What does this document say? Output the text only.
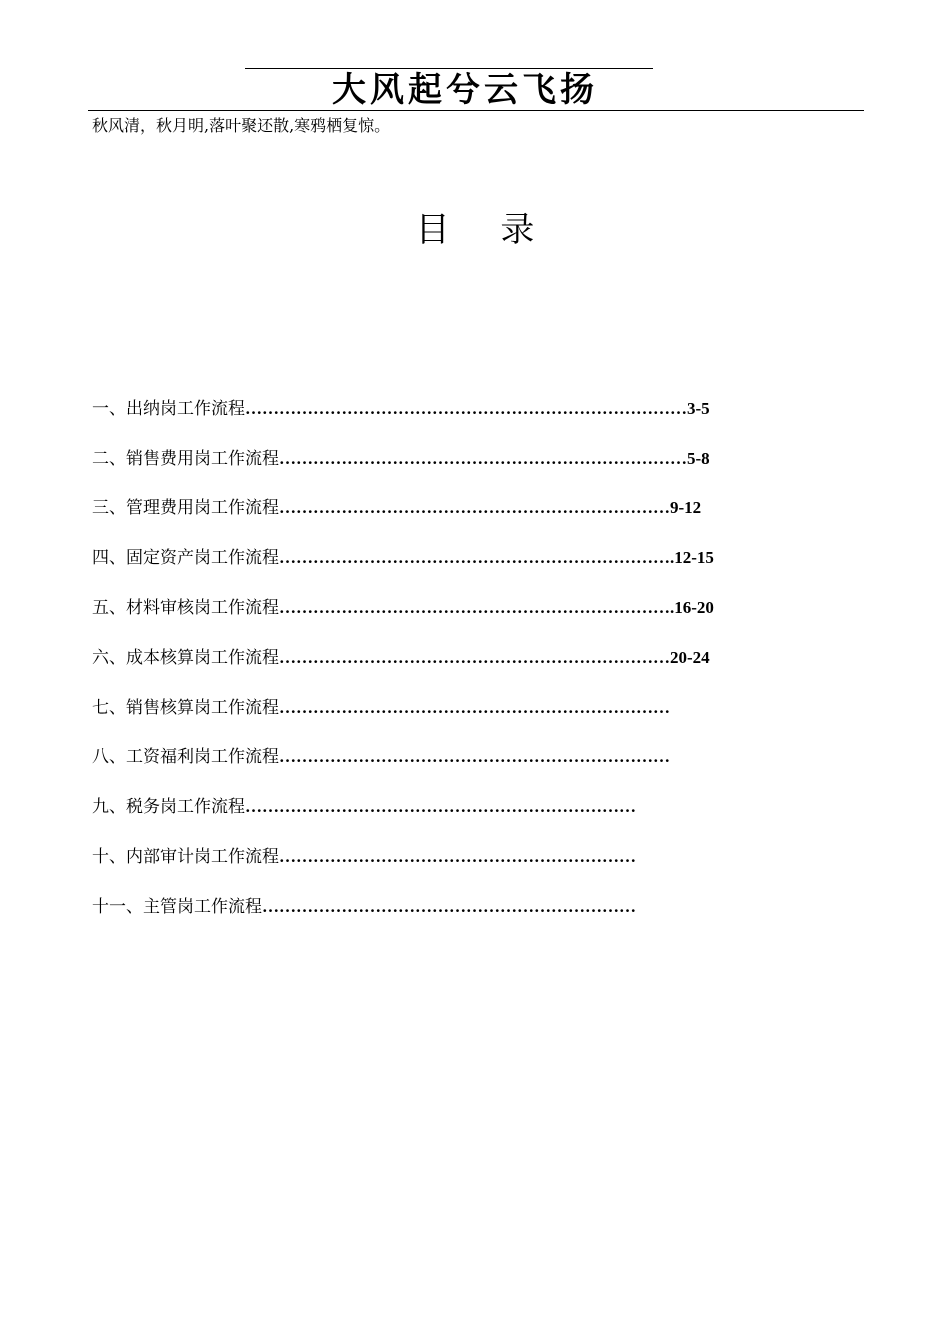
大风起兮云飞扬
秋风清，秋月明,落叶聚还散,寒鸦栖复惊。
目 录
一、出纳岗工作流程 …………………………………………………………………… 3-5
二、销售费用岗工作流程 ……………………………………………………………… 5-8
三、管理费用岗工作流程 …………………………………………………………… 9-12
四、固定资产岗工作流程 ……………………………………………………………. 12-15
五、材料审核岗工作流程 ……………………………………………………………. 16-20
六、成本核算岗工作流程 …………………………………………………………… 20-24
七、销售核算岗工作流程 ……………………………………………………………
八、工资福利岗工作流程 ……………………………………………………………
九、税务岗工作流程 ……………………………………………………………
十、内部审计岗工作流程 ………………………………………………………
十一、主管岗工作流程 …………………………………………………………
